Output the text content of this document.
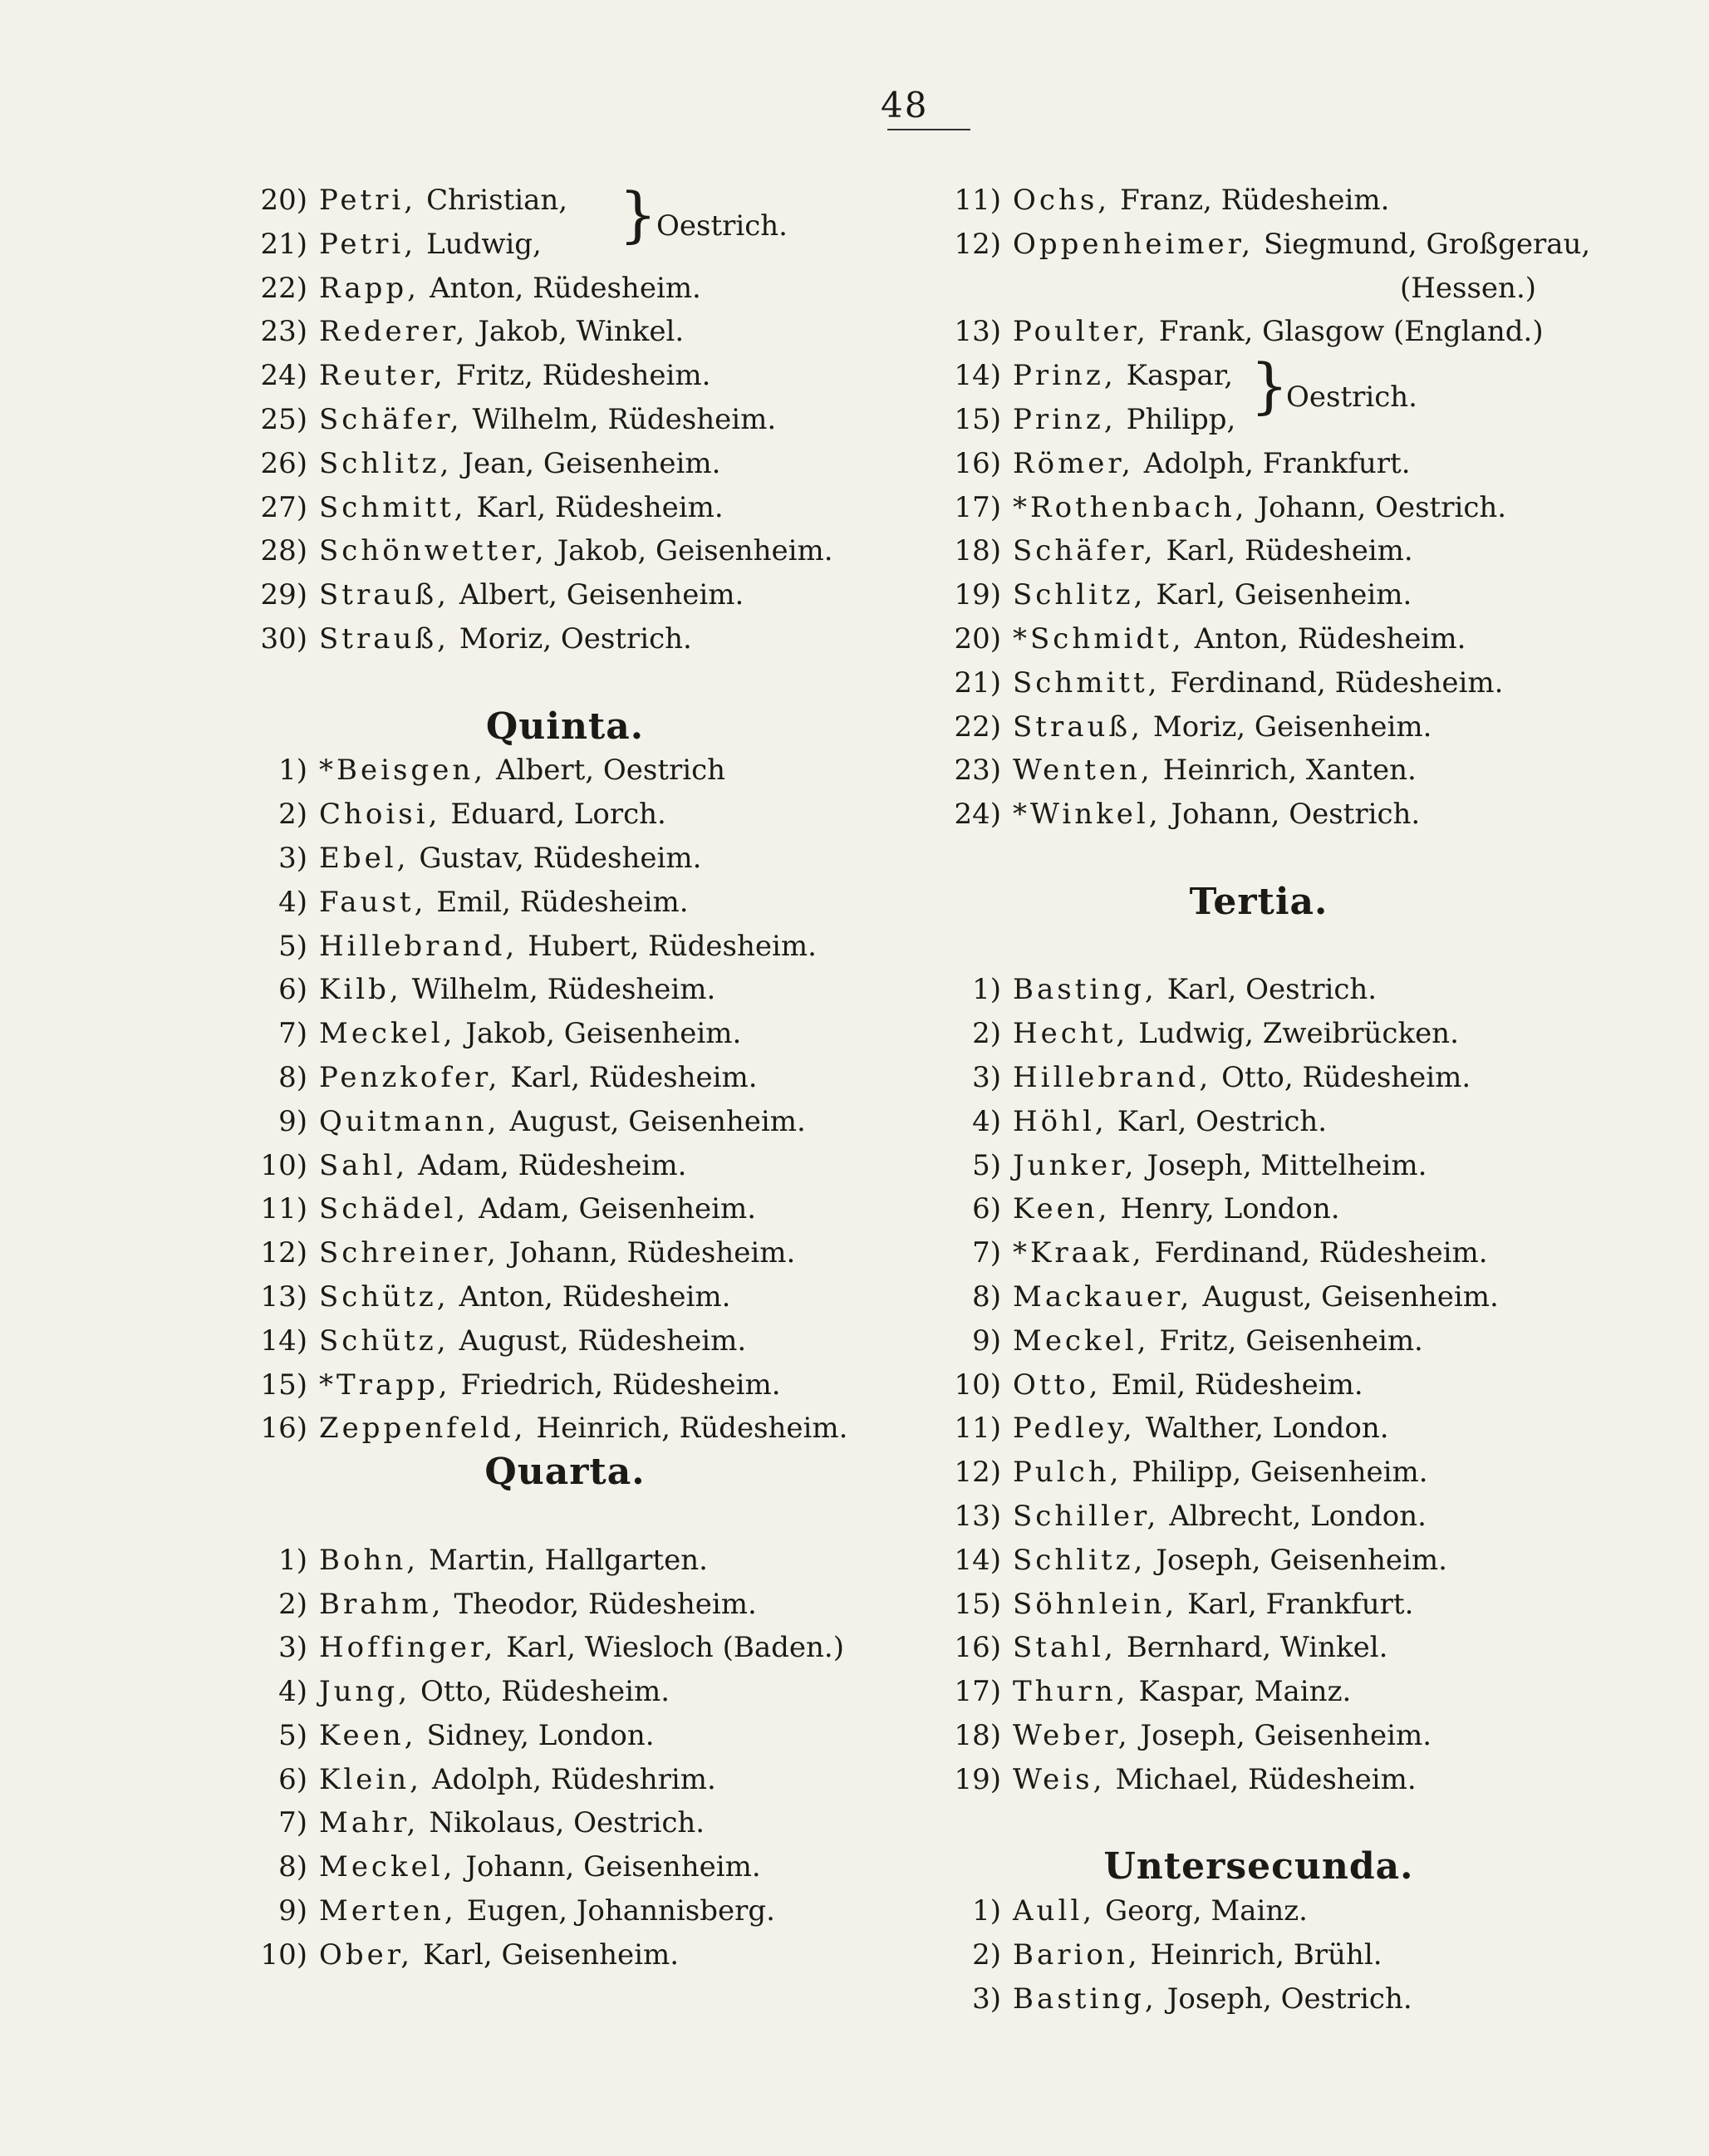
48
20) Petri, Christian,
21) Petri, Ludwig,
22) Rapp, Anton, Rüdesheim.
23) Rederer, Jakob, Winkel.
24) Reuter, Fritz, Rüdesheim.
25) Schäfer, Wilhelm, Rüdesheim.
26) Schlitz, Jean, Geisenheim.
27) Schmitt, Karl, Rüdesheim.
28) Schönwetter, Jakob, Geisenheim.
29) Strauß, Albert, Geisenheim.
30) Strauß, Moriz, Oestrich.
Quinta.
1) *Beisgen, Albert, Oestrich
2) Choisi, Eduard, Lorch.
3) Ebel, Gustav, Rüdesheim.
4) Faust, Emil, Rüdesheim.
5) Hillebrand, Hubert, Rüdesheim.
6) Kilb, Wilhelm, Rüdesheim.
7) Meckel, Jakob, Geisenheim.
8) Penzkofer, Karl, Rüdesheim.
9) Quitmann, August, Geisenheim.
10) Sahl, Adam, Rüdesheim.
11) Schädel, Adam, Geisenheim.
12) Schreiner, Johann, Rüdesheim.
13) Schütz, Anton, Rüdesheim.
14) Schütz, August, Rüdesheim.
15) *Trapp, Friedrich, Rüdesheim.
16) Zeppenfeld, Heinrich, Rüdesheim.
Quarta.
1) Bohn, Martin, Hallgarten.
2) Brahm, Theodor, Rüdesheim.
3) Hoffinger, Karl, Wiesloch (Baden.)
4) Jung, Otto, Rüdesheim.
5) Keen, Sidney, London.
6) Klein, Adolph, Rüdeshrim.
7) Mahr, Nikolaus, Oestrich.
8) Meckel, Johann, Geisenheim.
9) Merten, Eugen, Johannisberg.
10) Ober, Karl, Geisenheim.
11) Ochs, Franz, Rüdesheim.
12) Oppenheimer, Siegmund, Großgerau,
(Hessen.)
13) Poulter, Frank, Glasgow (England.)
14) Prinz, Kaspar,
15) Prinz, Philipp,
16) Römer, Adolph, Frankfurt.
17) *Rothenbach, Johann, Oestrich.
18) Schäfer, Karl, Rüdesheim.
19) Schlitz, Karl, Geisenheim.
20) *Schmidt, Anton, Rüdesheim.
21) Schmitt, Ferdinand, Rüdesheim.
22) Strauß, Moriz, Geisenheim.
23) Wenten, Heinrich, Xanten.
24) *Winkel, Johann, Oestrich.
Tertia.
1) Basting, Karl, Oestrich.
2) Hecht, Ludwig, Zweibrücken.
3) Hillebrand, Otto, Rüdesheim.
4) Höhl, Karl, Oestrich.
5) Junker, Joseph, Mittelheim.
6) Keen, Henry, London.
7) *Kraak, Ferdinand, Rüdesheim.
8) Mackauer, August, Geisenheim.
9) Meckel, Fritz, Geisenheim.
10) Otto, Emil, Rüdesheim.
11) Pedley, Walther, London.
12) Pulch, Philipp, Geisenheim.
13) Schiller, Albrecht, London.
14) Schlitz, Joseph, Geisenheim.
15) Söhnlein, Karl, Frankfurt.
16) Stahl, Bernhard, Winkel.
17) Thurn, Kaspar, Mainz.
18) Weber, Joseph, Geisenheim.
19) Weis, Michael, Rüdesheim.
Untersecunda.
1) Aull, Georg, Mainz.
2) Barion, Heinrich, Brühl.
3) Basting, Joseph, Oestrich.
} Oestrich.
}
Oestrich.
